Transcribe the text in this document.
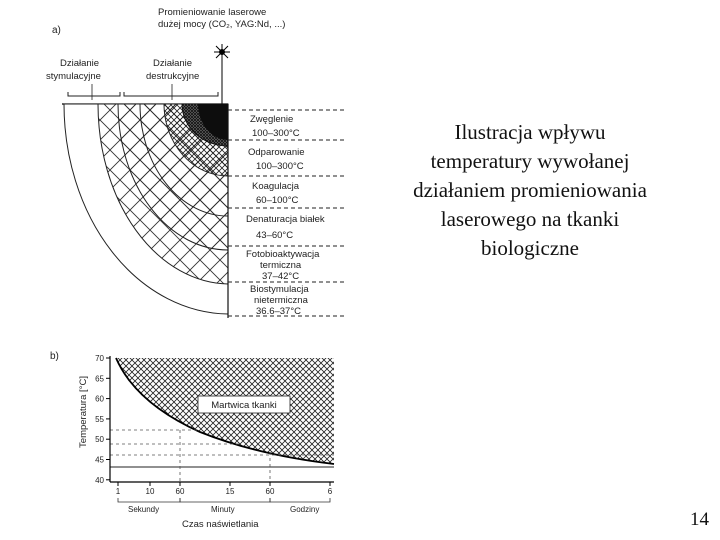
a)
Promieniowanie laserowe
dużej mocy (CO₂, YAG:Nd, ...)
Działanie
stymulacyjne
Działanie
destrukcyjne
Zwęglenie
100–300°C
Odparowanie
100–300°C
Koagulacja
60–100°C
Denaturacja białek
43–60°C
Fotobioaktywacja
termiczna
37–42°C
Biostymulacja
nietermiczna
36.6–37°C
b)
Temperatura [°C]
70
65
60
55
50
45
40
1	10	60	15	60	6
Sekundy	Minuty	Godziny
Czas naświetlania
Martwica tkanki
Ilustracja wpływu
temperatury wywołanej
działaniem promieniowania
laserowego na tkanki
biologiczne
14
